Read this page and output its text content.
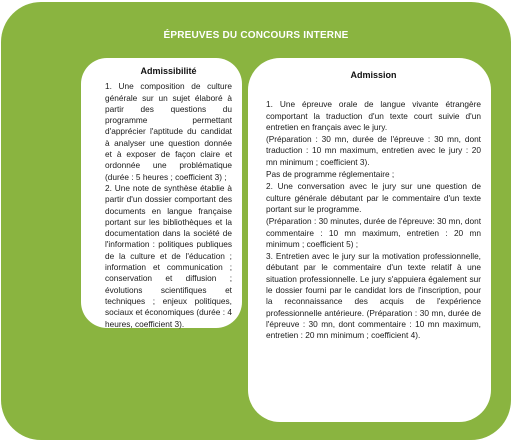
ÉPREUVES DU CONCOURS INTERNE
Admissibilité

1. Une composition de culture générale sur un sujet élaboré à partir des questions du programme permettant d'apprécier l'aptitude du candidat à analyser une question donnée et à exposer de façon claire et ordonnée une problématique (durée : 5 heures ; coefficient 3) ;

2. Une note de synthèse établie à partir d'un dossier comportant des documents en langue française portant sur les bibliothèques et la documentation dans la société de l'information : politiques publiques de la culture et de l'éducation ; information et communication ; conservation et diffusion ; évolutions scientifiques et techniques ; enjeux politiques, sociaux et économiques (durée : 4 heures, coefficient 3).

Admission

1. Une épreuve orale de langue vivante étrangère comportant la traduction d'un texte court suivie d'un entretien en français avec le jury.

(Préparation : 30 mn, durée de l'épreuve : 30 mn, dont traduction : 10 mn maximum, entretien avec le jury : 20 mn minimum ; coefficient 3).

Pas de programme réglementaire ;

2. Une conversation avec le jury sur une question de culture générale débutant par le commentaire d'un texte portant sur le programme.

(Préparation : 30 minutes, durée de l'épreuve: 30 mn, dont commentaire : 10 mn maximum, entretien : 20 mn minimum ; coefficient 5) ;

3. Entretien avec le jury sur la motivation professionnelle, débutant par le commentaire d'un texte relatif à une situation professionnelle. Le jury s'appuiera également sur le dossier fourni par le candidat lors de l'inscription, pour la reconnaissance des acquis de l'expérience professionnelle antérieure. (Préparation : 30 mn, durée de l'épreuve : 30 mn, dont commentaire : 10 mn maximum, entretien : 20 mn minimum ; coefficient 4).
